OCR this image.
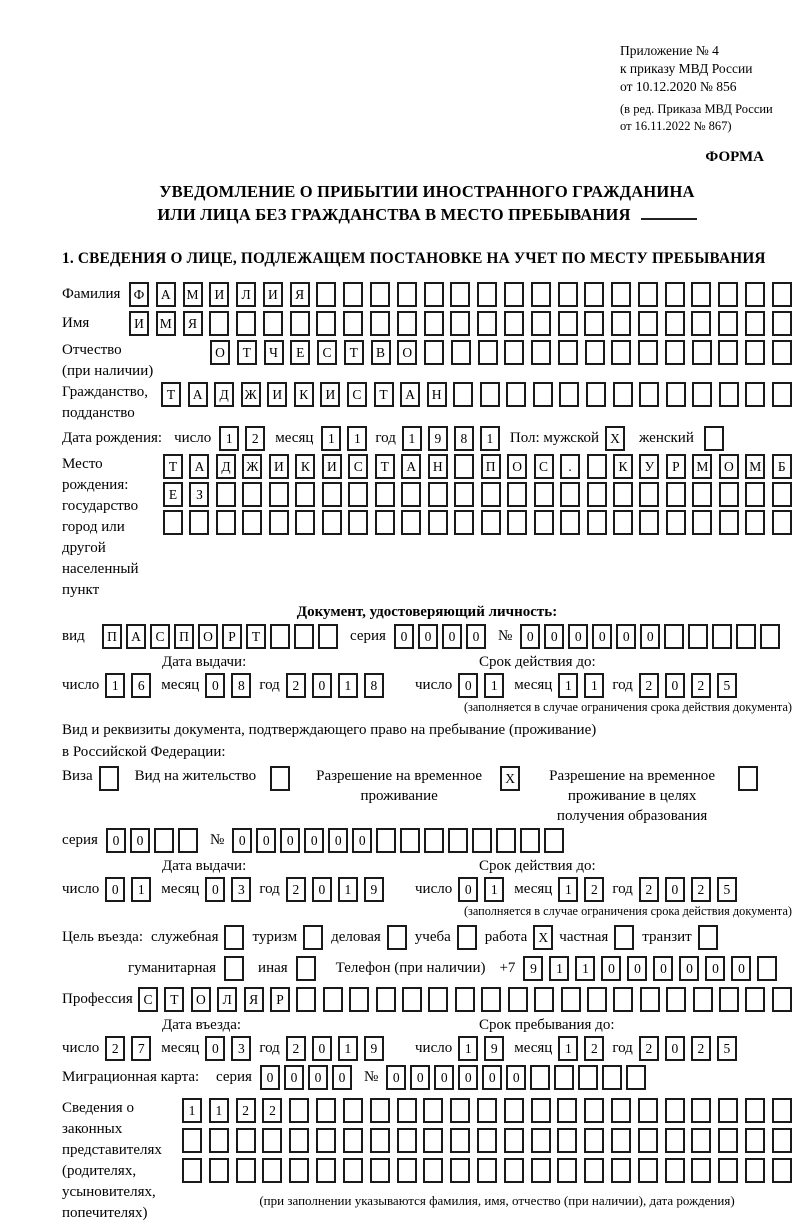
Приложение № 4
к приказу МВД России
от 10.12.2020 № 856
(в ред. Приказа МВД России
от 16.11.2022 № 867)
ФОРМА
УВЕДОМЛЕНИЕ О ПРИБЫТИИ ИНОСТРАННОГО ГРАЖДАНИНА
ИЛИ ЛИЦА БЕЗ ГРАЖДАНСТВА В МЕСТО ПРЕБЫВАНИЯ
1. СВЕДЕНИЯ О ЛИЦЕ, ПОДЛЕЖАЩЕМ ПОСТАНОВКЕ НА УЧЕТ ПО МЕСТУ ПРЕБЫВАНИЯ
Фамилия Ф	А	М	И	Л	И	Я
Имя	И	М	Я
Отчество
(при наличии)
О	Т	Ч	Е	С	Т	В	О
Гражданство,
подданство
Т	А	Д	Ж	И	К	И	С	Т	А	Н
Дата рождения: число	1	2	месяц	1	1 год 1	9	8	1	Пол: мужской X	женский
Место рождения:
государство
город или другой
населенный пункт
Т	А	Д	Ж	И	К	И	С	Т	А	Н	П	О	С	.	К	У	Р	М	О	М	Б
Е	З
Документ, удостоверяющий личность:
вид	П	А	С	П	О	Р	Т	серия	0	0	0	0	№	0	0	0	0	0	0
Дата выдачи:	Срок действия до:
число 1	6	месяц 0	8 год 2	0	1	8	число 0	1	месяц 1	1 год 2	0	2	5
(заполняется в случае ограничения срока действия документа)
Вид и реквизиты документа, подтверждающего право на пребывание (проживание)
в Российской Федерации:
Виза	Вид на жительство	Разрешение на временное проживание
X	Разрешение на временное проживание в целях получения образования
серия	0	0	№	0	0	0	0	0	0
Дата выдачи:	Срок действия до:
число 0	1	месяц 0	3 год 2	0	1	9	число 0	1	месяц 1	2 год 2	0	2	5
(заполняется в случае ограничения срока действия документа)
Цель въезда: служебная туризм деловая учеба работа X частная транзит
гуманитарная	иная	Телефон (при наличии) +7	9	1	1	0	0	0	0	0	0
Профессия С	Т	О	Л	Я	Р
Дата въезда:	Срок пребывания до:
число 2	7	месяц 0	3 год 2	0	1	9	число 1	9	месяц 1	2 год 2	0	2	5
Миграционная карта:	серия	0	0	0	0	№	0	0	0	0	0	0
Сведения о
законных
представителях
(родителях,
усыновителях,
попечителях)
1	1	2	2
(при заполнении указываются фамилия, имя, отчество (при наличии), дата рождения)
